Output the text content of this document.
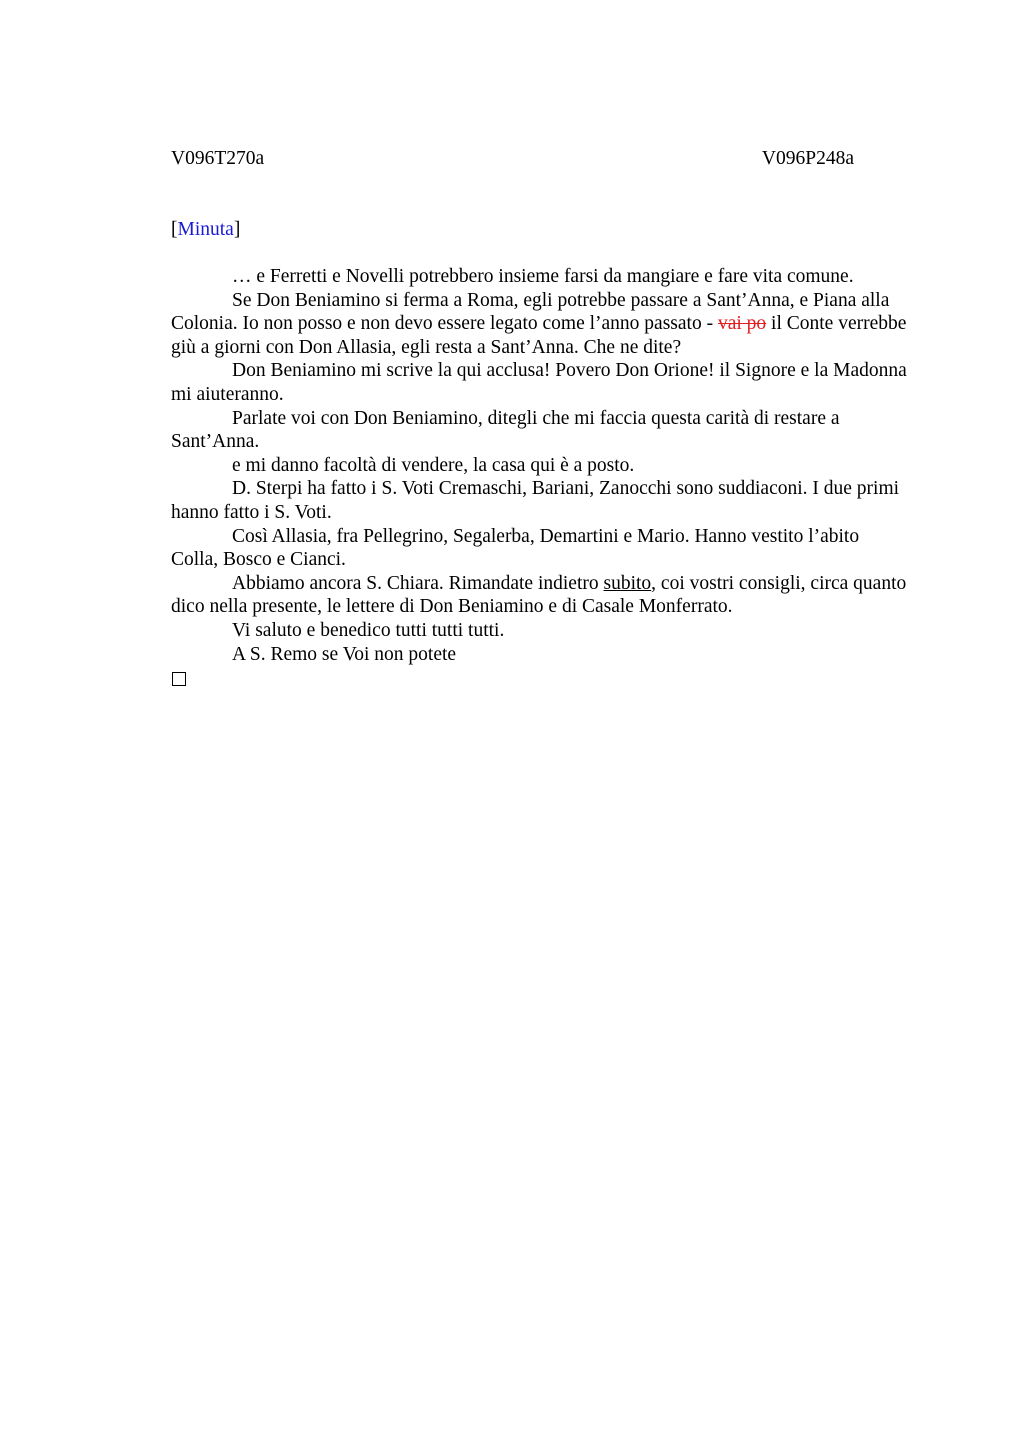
V096T270a	V096P248a
[Minuta]

… e Ferretti e Novelli potrebbero insieme farsi da mangiare e fare vita comune.

Se Don Beniamino si ferma a Roma, egli potrebbe passare a Sant’Anna, e Piana alla Colonia. Io non posso e non devo essere legato come l’anno passato - vai po il Conte verrebbe giù a giorni con Don Allasia, egli resta a Sant’Anna. Che ne dite?

Don Beniamino mi scrive la qui acclusa! Povero Don Orione! il Signore e la Madonna mi aiuteranno.

Parlate voi con Don Beniamino, ditegli che mi faccia questa carità di restare a Sant’Anna.

e mi danno facoltà di vendere, la casa qui è a posto.

D. Sterpi ha fatto i S. Voti Cremaschi, Bariani, Zanocchi sono suddiaconi. I due primi hanno fatto i S. Voti.

Così Allasia, fra Pellegrino, Segalerba, Demartini e Mario. Hanno vestito l’abito Colla, Bosco e Cianci.

Abbiamo ancora S. Chiara. Rimandate indietro subito, coi vostri consigli, circa quanto dico nella presente, le lettere di Don Beniamino e di Casale Monferrato.

Vi saluto e benedico tutti tutti tutti.

A S. Remo se Voi non potete
